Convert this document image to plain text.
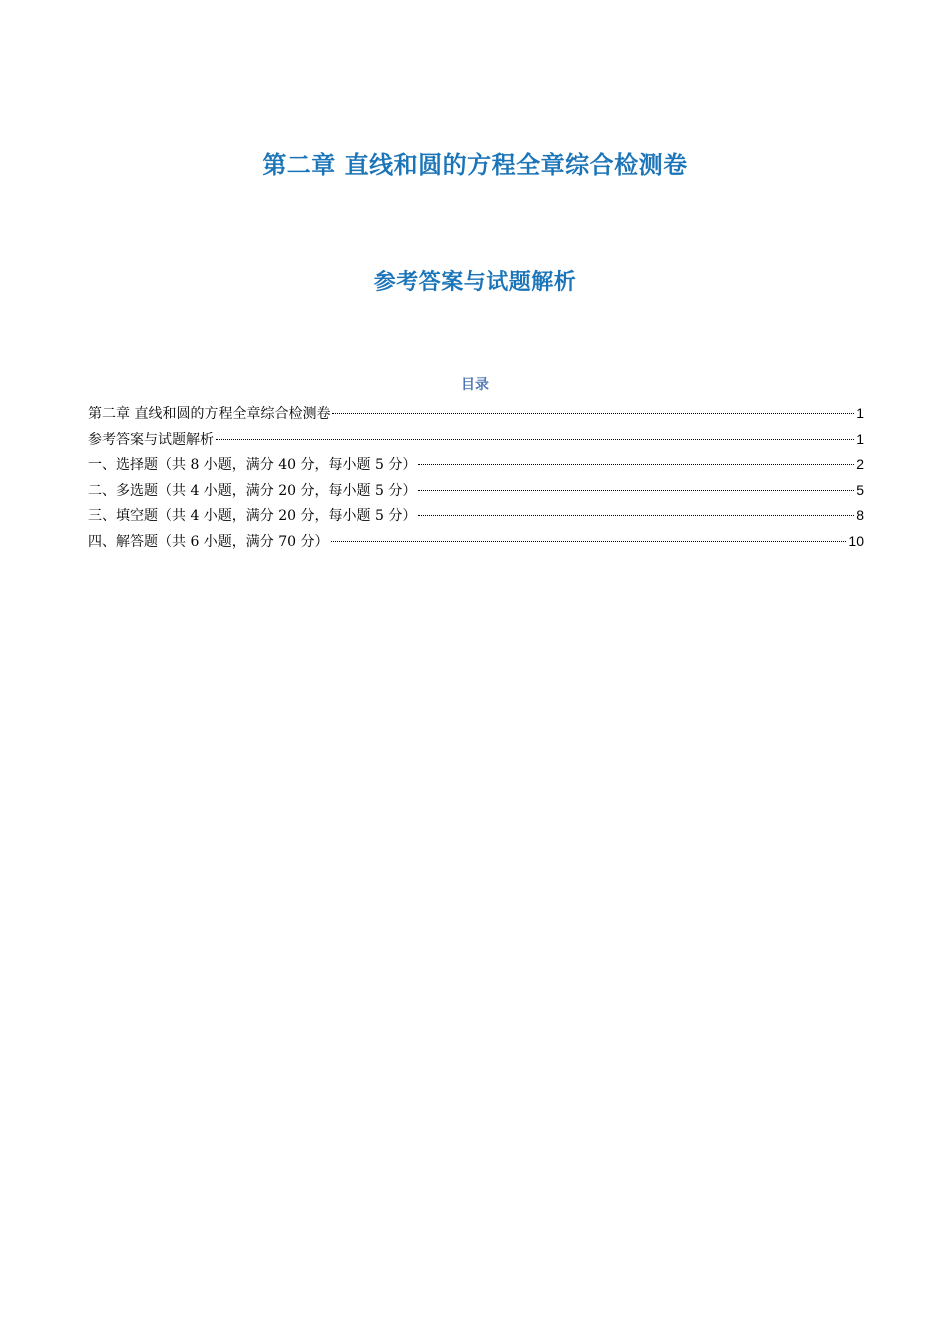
第二章 直线和圆的方程全章综合检测卷
参考答案与试题解析
目录
第二章 直线和圆的方程全章综合检测卷	1
参考答案与试题解析	1
一、选择题（共 8 小题，满分 40 分，每小题 5 分）	2
二、多选题（共 4 小题，满分 20 分，每小题 5 分）	5
三、填空题（共 4 小题，满分 20 分，每小题 5 分）	8
四、解答题（共 6 小题，满分 70 分）	10
